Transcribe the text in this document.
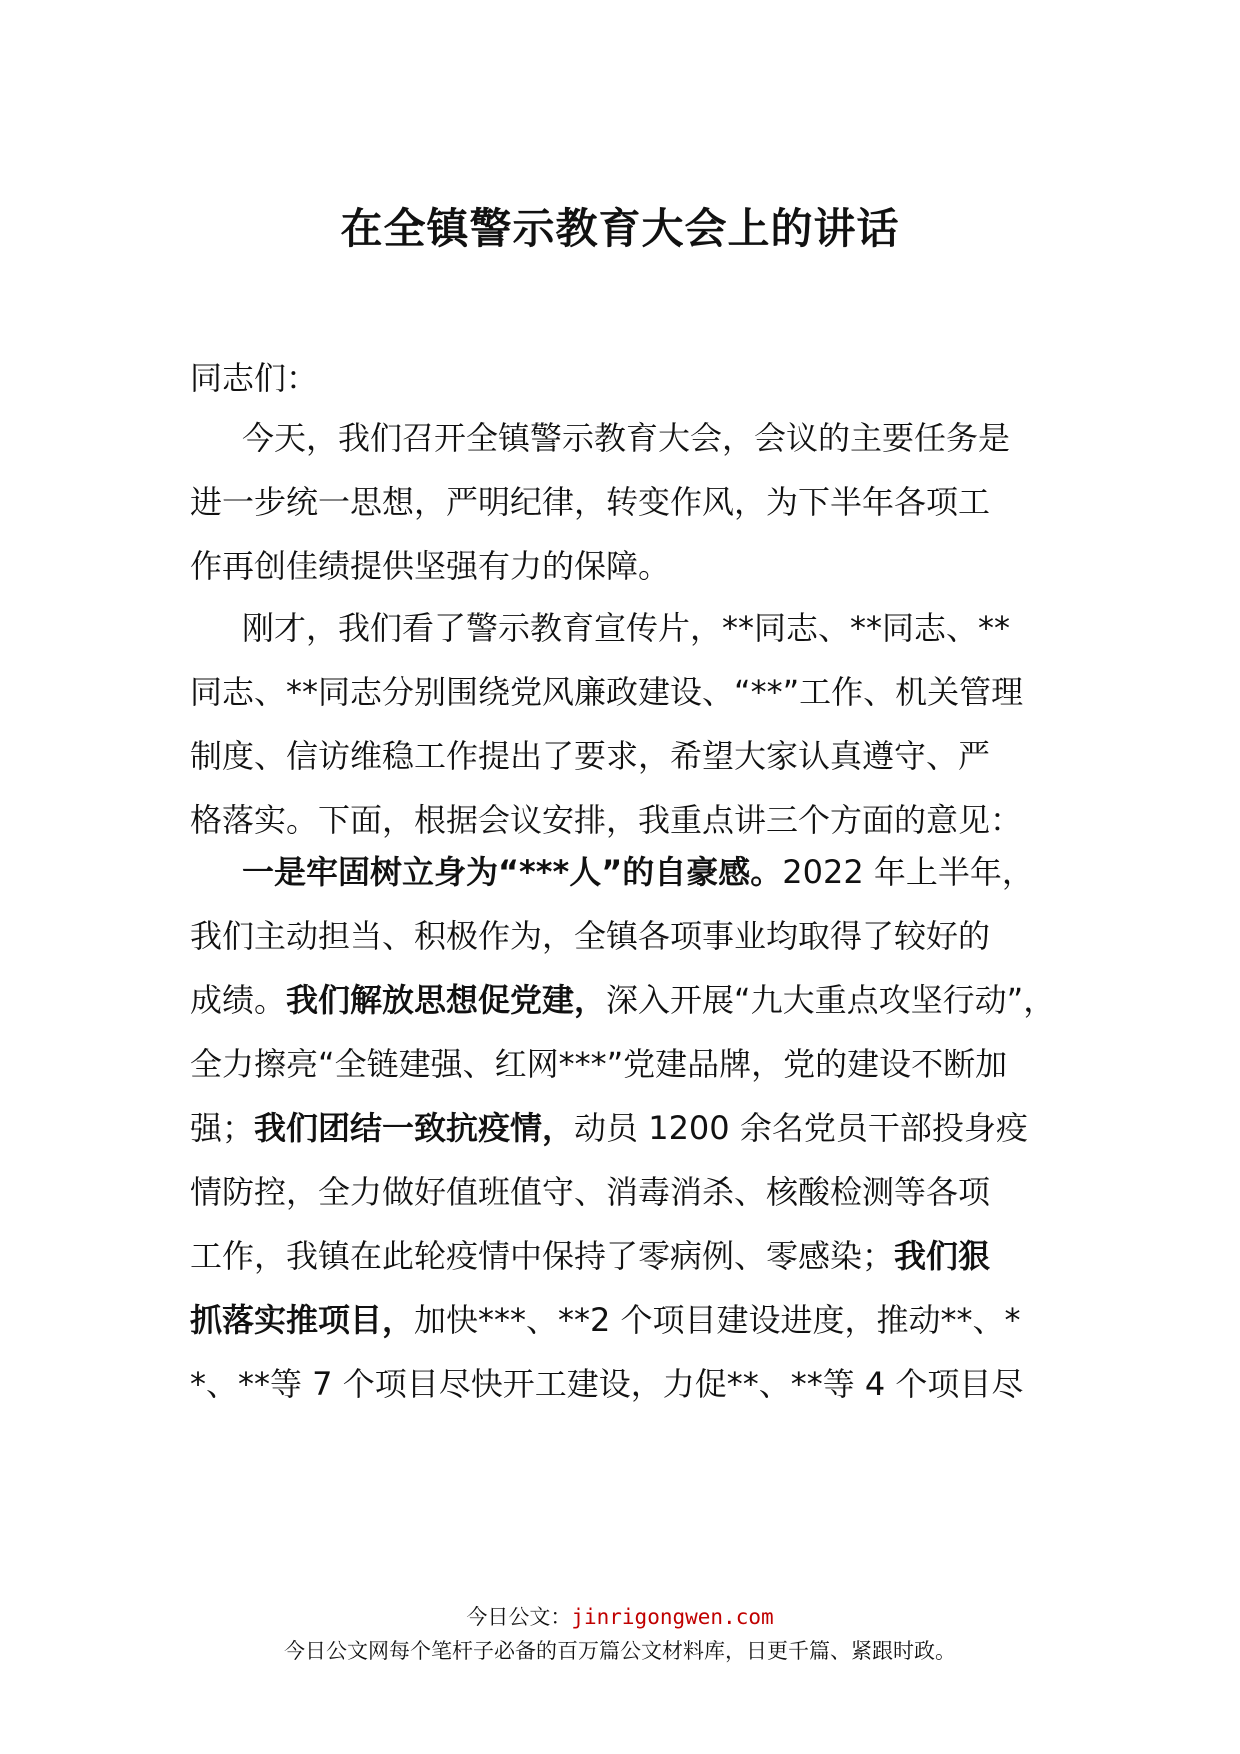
在全镇警示教育大会上的讲话
同志们：
今天，我们召开全镇警示教育大会，会议的主要任务是
进一步统一思想，严明纪律，转变作风，为下半年各项工
作再创佳绩提供坚强有力的保障。
刚才，我们看了警示教育宣传片，**同志、**同志、**
同志、**同志分别围绕党风廉政建设、“**”工作、机关管理
制度、信访维稳工作提出了要求，希望大家认真遵守、严
格落实。下面，根据会议安排，我重点讲三个方面的意见：
一是牢固树立身为“***人”的自豪感。2022 年上半年，
我们主动担当、积极作为，全镇各项事业均取得了较好的
成绩。我们解放思想促党建，深入开展“九大重点攻坚行动”，
全力擦亮“全链建强、红网***”党建品牌，党的建设不断加
强；我们团结一致抗疫情，动员 1200 余名党员干部投身疫
情防控，全力做好值班值守、消毒消杀、核酸检测等各项
工作，我镇在此轮疫情中保持了零病例、零感染；我们狠
抓落实推项目，加快***、**2 个项目建设进度，推动**、*
*、**等 7 个项目尽快开工建设，力促**、**等 4 个项目尽
今日公文：jinrigongwen.com
今日公文网每个笔杆子必备的百万篇公文材料库，日更千篇、紧跟时政。
